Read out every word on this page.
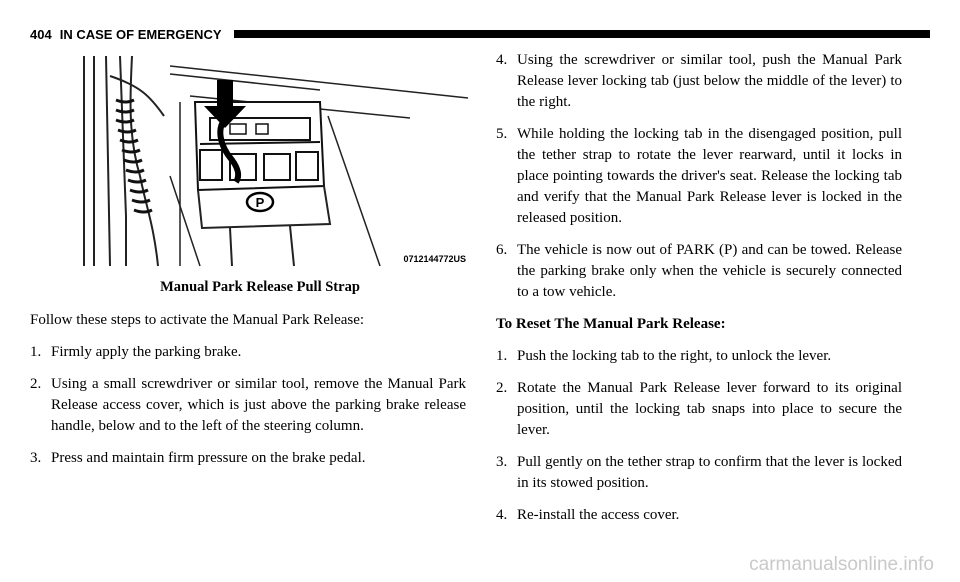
404 IN CASE OF EMERGENCY
P
0712144772US
Manual Park Release Pull Strap

Follow these steps to activate the Manual Park Release:

1. Firmly apply the parking brake.
2. Using a small screwdriver or similar tool, remove the Manual Park Release access cover, which is just above the parking brake release handle, below and to the left of the steering column.
3. Press and maintain firm pressure on the brake pedal.
4. Using the screwdriver or similar tool, push the Manual Park Release lever locking tab (just below the middle of the lever) to the right.
5. While holding the locking tab in the disengaged position, pull the tether strap to rotate the lever rearward, until it locks in place pointing towards the driver's seat. Release the locking tab and verify that the Manual Park Release lever is locked in the released position.
6. The vehicle is now out of PARK (P) and can be towed. Release the parking brake only when the vehicle is securely connected to a tow vehicle.

To Reset The Manual Park Release:

1. Push the locking tab to the right, to unlock the lever.
2. Rotate the Manual Park Release lever forward to its original position, until the locking tab snaps into place to secure the lever.
3. Pull gently on the tether strap to confirm that the lever is locked in its stowed position.
4. Re-install the access cover.
carmanualsonline.info
